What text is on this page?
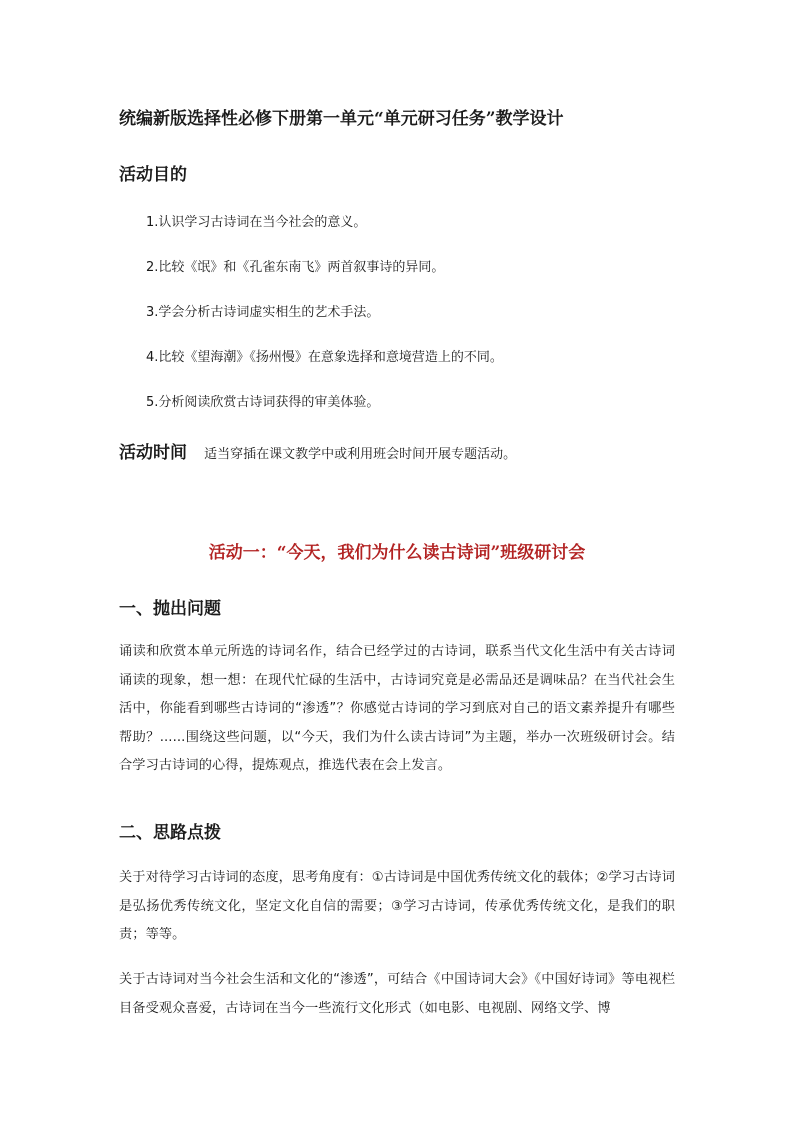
统编新版选择性必修下册第一单元“单元研习任务”教学设计
活动目的
1.认识学习古诗词在当今社会的意义。
2.比较《氓》和《孔雀东南飞》两首叙事诗的异同。
3.学会分析古诗词虚实相生的艺术手法。
4.比较《望海潮》《扬州慢》在意象选择和意境营造上的不同。
5.分析阅读欣赏古诗词获得的审美体验。
活动时间 适当穿插在课文教学中或利用班会时间开展专题活动。
活动一：“今天，我们为什么读古诗词”班级研讨会
一、抛出问题

诵读和欣赏本单元所选的诗词名作，结合已经学过的古诗词，联系当代文化生活中有关古诗词诵读的现象，想一想：在现代忙碌的生活中，古诗词究竟是必需品还是调味品？在当代社会生活中，你能看到哪些古诗词的“渗透”？你感觉古诗词的学习到底对自己的语文素养提升有哪些帮助？......围绕这些问题，以“今天，我们为什么读古诗词”为主题，举办一次班级研讨会。结合学习古诗词的心得，提炼观点，推选代表在会上发言。

二、思路点拨

关于对待学习古诗词的态度，思考角度有：①古诗词是中国优秀传统文化的载体；②学习古诗词是弘扬优秀传统文化，坚定文化自信的需要；③学习古诗词，传承优秀传统文化，是我们的职责；等等。

关于古诗词对当今社会生活和文化的“渗透”，可结合《中国诗词大会》《中国好诗词》等电视栏目备受观众喜爱，古诗词在当今一些流行文化形式（如电影、电视剧、网络文学、博
